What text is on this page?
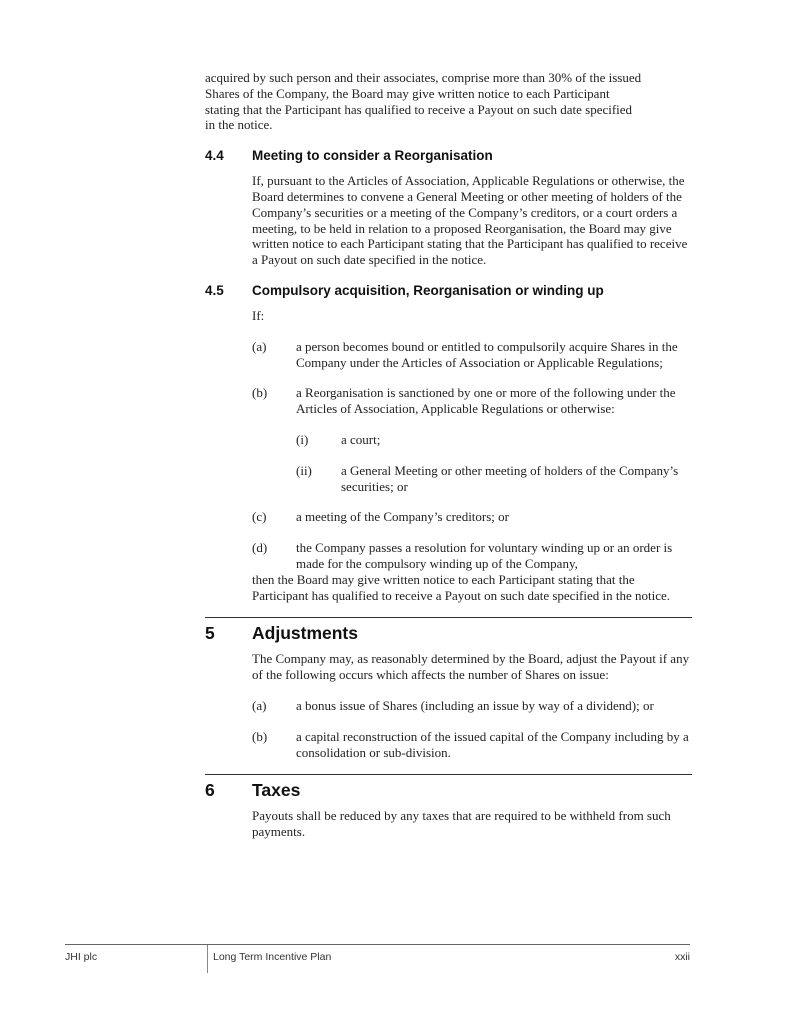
acquired by such person and their associates, comprise more than 30% of the issued Shares of the Company, the Board may give written notice to each Participant stating that the Participant has qualified to receive a Payout on such date specified in the notice.

4.4	Meeting to consider a Reorganisation

If, pursuant to the Articles of Association, Applicable Regulations or otherwise, the Board determines to convene a General Meeting or other meeting of holders of the Company’s securities or a meeting of the Company’s creditors, or a court orders a meeting, to be held in relation to a proposed Reorganisation, the Board may give written notice to each Participant stating that the Participant has qualified to receive a Payout on such date specified in the notice.

4.5	Compulsory acquisition, Reorganisation or winding up

If:

(a)	a person becomes bound or entitled to compulsorily acquire Shares in the Company under the Articles of Association or Applicable Regulations;

(b)	a Reorganisation is sanctioned by one or more of the following under the Articles of Association, Applicable Regulations or otherwise:

(i)	a court;

(ii)	a General Meeting or other meeting of holders of the Company’s securities; or

(c)	a meeting of the Company’s creditors; or

(d)	the Company passes a resolution for voluntary winding up or an order is made for the compulsory winding up of the Company,

then the Board may give written notice to each Participant stating that the Participant has qualified to receive a Payout on such date specified in the notice.

5	Adjustments

The Company may, as reasonably determined by the Board, adjust the Payout if any of the following occurs which affects the number of Shares on issue:

(a)	a bonus issue of Shares (including an issue by way of a dividend); or

(b)	a capital reconstruction of the issued capital of the Company including by a consolidation or sub-division.

6	Taxes

Payouts shall be reduced by any taxes that are required to be withheld from such payments.

JHI plc	Long Term Incentive Plan	xxii
